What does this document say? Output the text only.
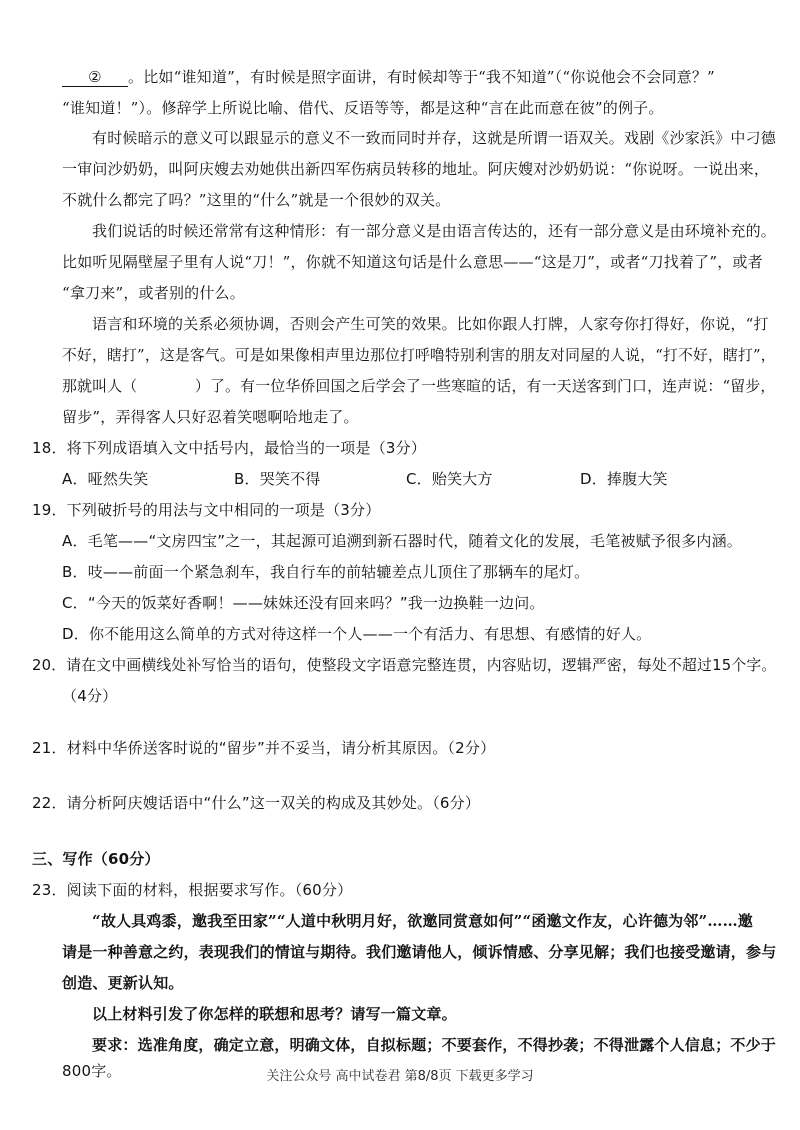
② 。比如“谁知道”，有时候是照字面讲，有时候却等于“我不知道”（“你说他会不会同意？”
“谁知道！”）。修辞学上所说比喻、借代、反语等等，都是这种“言在此而意在彼”的例子。
有时候暗示的意义可以跟显示的意义不一致而同时并存，这就是所谓一语双关。戏剧《沙家浜》中刁德
一审问沙奶奶，叫阿庆嫂去劝她供出新四军伤病员转移的地址。阿庆嫂对沙奶奶说：“你说呀。一说出来，
不就什么都完了吗？”这里的“什么”就是一个很妙的双关。
我们说话的时候还常常有这种情形：有一部分意义是由语言传达的，还有一部分意义是由环境补充的。
比如听见隔壁屋子里有人说“刀！”，你就不知道这句话是什么意思——“这是刀”，或者“刀找着了”，或者
“拿刀来”，或者别的什么。
语言和环境的关系必须协调，否则会产生可笑的效果。比如你跟人打牌，人家夸你打得好，你说，“打
不好，瞎打”，这是客气。可是如果像相声里边那位打呼噜特别利害的朋友对同屋的人说，“打不好，瞎打”，
那就叫人（	）了。有一位华侨回国之后学会了一些寒暄的话，有一天送客到门口，连声说：“留步，
留步”，弄得客人只好忍着笑嗯啊哈地走了。
18．将下列成语填入文中括号内，最恰当的一项是（3分）
A．哑然失笑	B．哭笑不得	C．贻笑大方	D．捧腹大笑
19．下列破折号的用法与文中相同的一项是（3分）
A．毛笔——“文房四宝”之一，其起源可追溯到新石器时代，随着文化的发展，毛笔被赋予很多内涵。
B．吱——前面一个紧急刹车，我自行车的前轱辘差点儿顶住了那辆车的尾灯。
C．“今天的饭菜好香啊！——妹妹还没有回来吗？”我一边换鞋一边问。
D．你不能用这么简单的方式对待这样一个人——一个有活力、有思想、有感情的好人。
20．请在文中画横线处补写恰当的语句，使整段文字语意完整连贯，内容贴切，逻辑严密，每处不超过15个字。
（4分）
21．材料中华侨送客时说的“留步”并不妥当，请分析其原因。（2分）
22．请分析阿庆嫂话语中“什么”这一双关的构成及其妙处。（6分）
三、写作（60分）
23．阅读下面的材料，根据要求写作。（60分）
“故人具鸡黍，邀我至田家”“人道中秋明月好，欲邀同赏意如何”“函邀文作友，心许德为邻”……邀
请是一种善意之约，表现我们的情谊与期待。我们邀请他人，倾诉情感、分享见解；我们也接受邀请，参与
创造、更新认知。
以上材料引发了你怎样的联想和思考？请写一篇文章。
要求：选准角度，确定立意，明确文体，自拟标题；不要套作，不得抄袭；不得泄露个人信息；不少于
800字。	关注公众号 高中试卷君 第8/8页 下载更多学习
